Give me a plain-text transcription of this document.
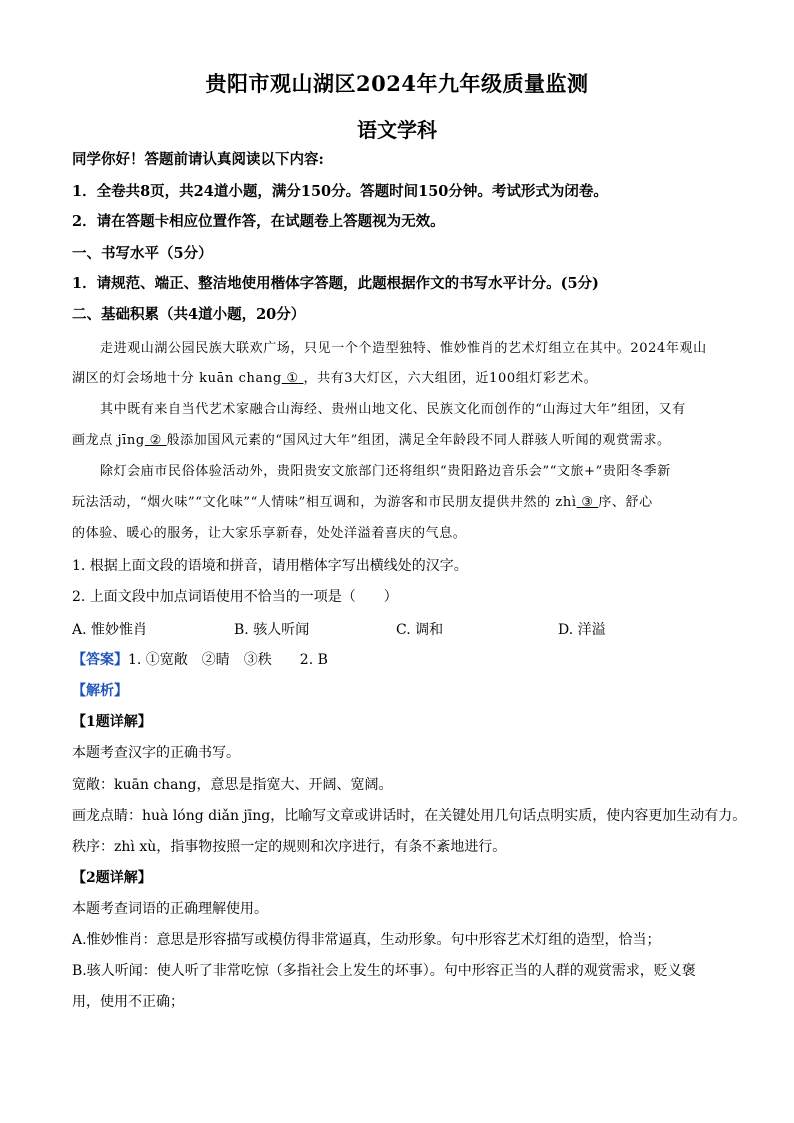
贵阳市观山湖区2024年九年级质量监测
语文学科
同学你好！答题前请认真阅读以下内容:
1．全卷共8页，共24道小题，满分150分。答题时间150分钟。考试形式为闭卷。
2．请在答题卡相应位置作答，在试题卷上答题视为无效。
一、书写水平（5分）
1．请规范、端正、整洁地使用楷体字答题，此题根据作文的书写水平计分。(5分)
二、基础积累（共4道小题，20分）
走进观山湖公园民族大联欢广场，只见一个个造型独特、惟妙惟肖的艺术灯组立在其中。2024年观山
湖区的灯会场地十分 kuān chang ① ，共有3大灯区，六大组团，近100组灯彩艺术。
其中既有来自当代艺术家融合山海经、贵州山地文化、民族文化而创作的“山海过大年”组团，又有
画龙点 jīng ② 般添加国风元素的“国风过大年”组团，满足全年龄段不同人群骇人听闻的观赏需求。
除灯会庙市民俗体验活动外，贵阳贵安文旅部门还将组织“贵阳路边音乐会”“文旅+”贵阳冬季新
玩法活动，“烟火味”“文化味”“人情味”相互调和，为游客和市民朋友提供井然的 zhì ③ 序、舒心
的体验、暖心的服务，让大家乐享新春，处处洋溢着喜庆的气息。
1. 根据上面文段的语境和拼音，请用楷体字写出横线处的汉字。
2. 上面文段中加点词语使用不恰当的一项是（　　）
A. 惟妙惟肖	B. 骇人听闻	C. 调和	D. 洋溢
【答案】1. ①宽敞　②睛　③秩　　2. B
【解析】
【1题详解】
本题考查汉字的正确书写。
宽敞：kuān chang，意思是指宽大、开阔、宽阔。
画龙点睛：huà lóng diǎn jīng，比喻写文章或讲话时，在关键处用几句话点明实质，使内容更加生动有力。
秩序：zhì xù，指事物按照一定的规则和次序进行，有条不紊地进行。
【2题详解】
本题考查词语的正确理解使用。
A.惟妙惟肖：意思是形容描写或模仿得非常逼真，生动形象。句中形容艺术灯组的造型，恰当；
B.骇人听闻：使人听了非常吃惊（多指社会上发生的坏事）。句中形容正当的人群的观赏需求，贬义褒
用，使用不正确；
